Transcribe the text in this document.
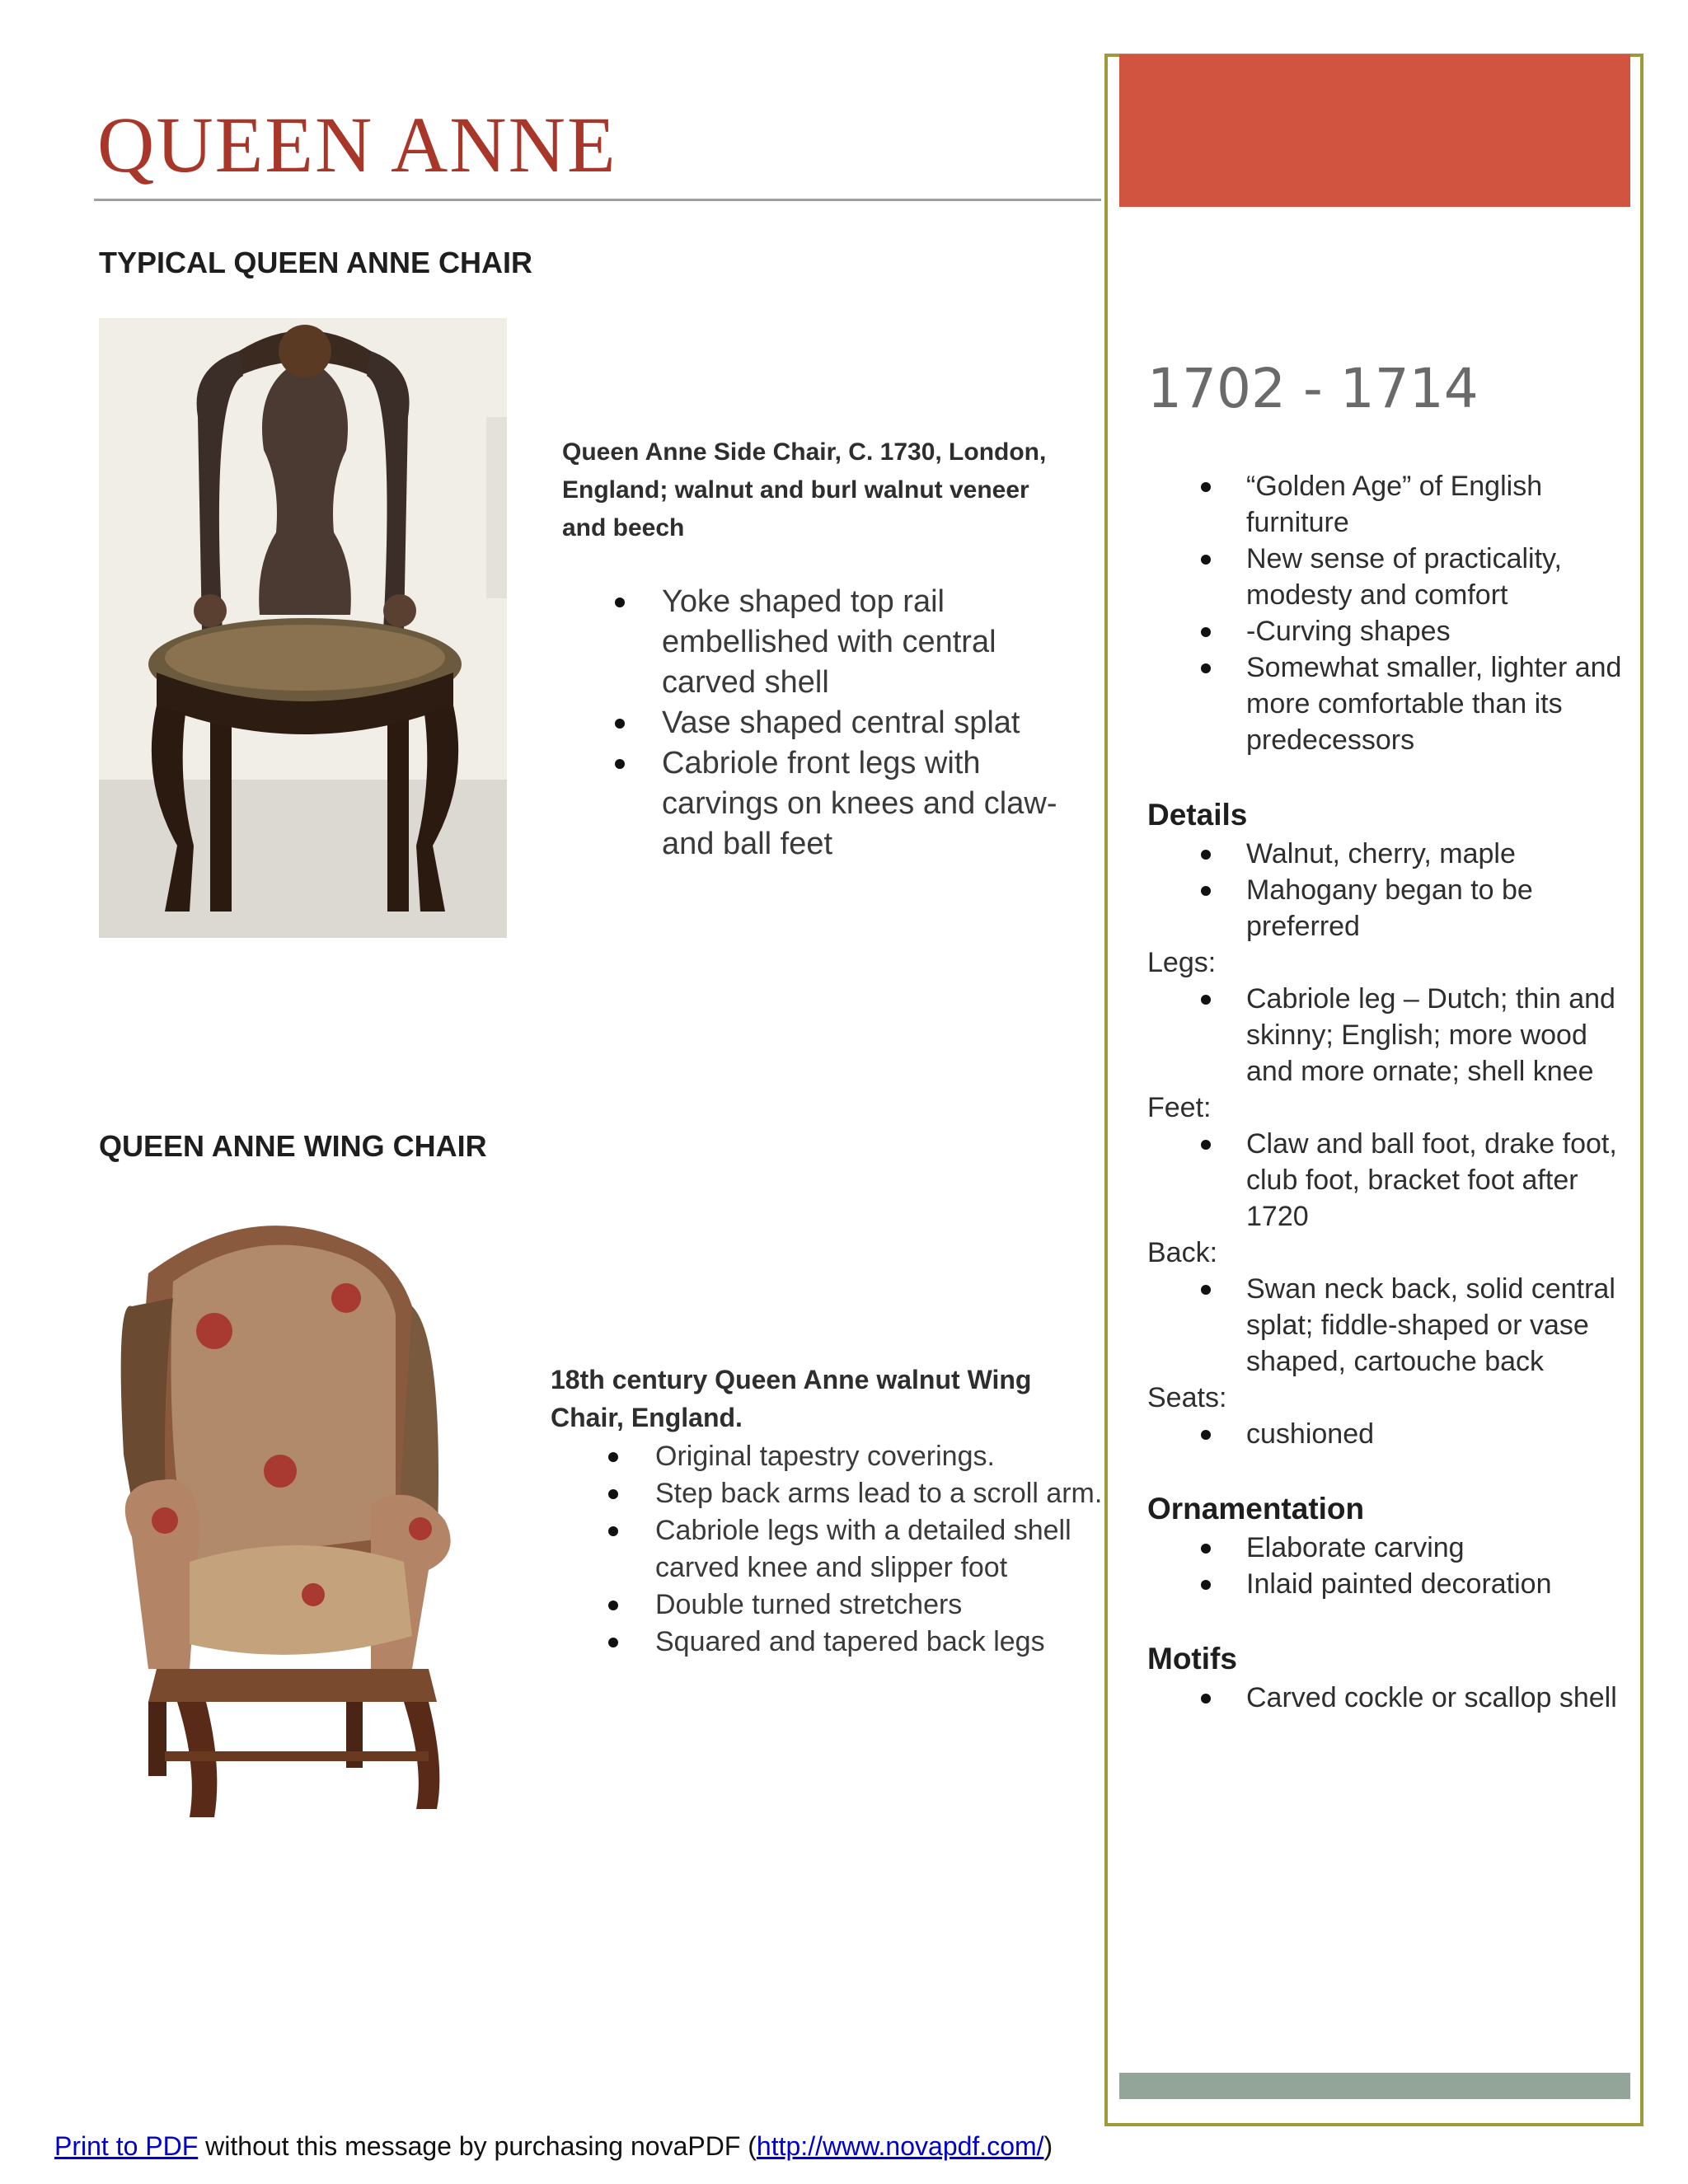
QUEEN ANNE
TYPICAL QUEEN ANNE CHAIR

Queen Anne Side Chair, C. 1730, London, England; walnut and burl walnut veneer and beech

Yoke shaped top rail embellished with central carved shell
Vase shaped central splat
Cabriole front legs with carvings on knees and claw- and ball feet
QUEEN ANNE WING CHAIR

18th century Queen Anne walnut Wing Chair, England.

Original tapestry coverings.
Step back arms lead to a scroll arm.
Cabriole legs with a detailed shell carved knee and slipper foot
Double turned stretchers
Squared and tapered back legs
1702 - 1714
“Golden Age” of English furniture
New sense of practicality, modesty and comfort
-Curving shapes
Somewhat smaller, lighter and more comfortable than its predecessors
Details
Walnut, cherry, maple
Mahogany began to be preferred
Legs:
Cabriole leg – Dutch; thin and skinny; English; more wood and more ornate; shell knee
Feet:
Claw and ball foot, drake foot, club foot, bracket foot after 1720
Back:
Swan neck back, solid central splat; fiddle-shaped or vase shaped, cartouche back
Seats:
cushioned
Ornamentation
Elaborate carving
Inlaid painted decoration
Motifs
Carved cockle or scallop shell
Print to PDF without this message by purchasing novaPDF (http://www.novapdf.com/)
